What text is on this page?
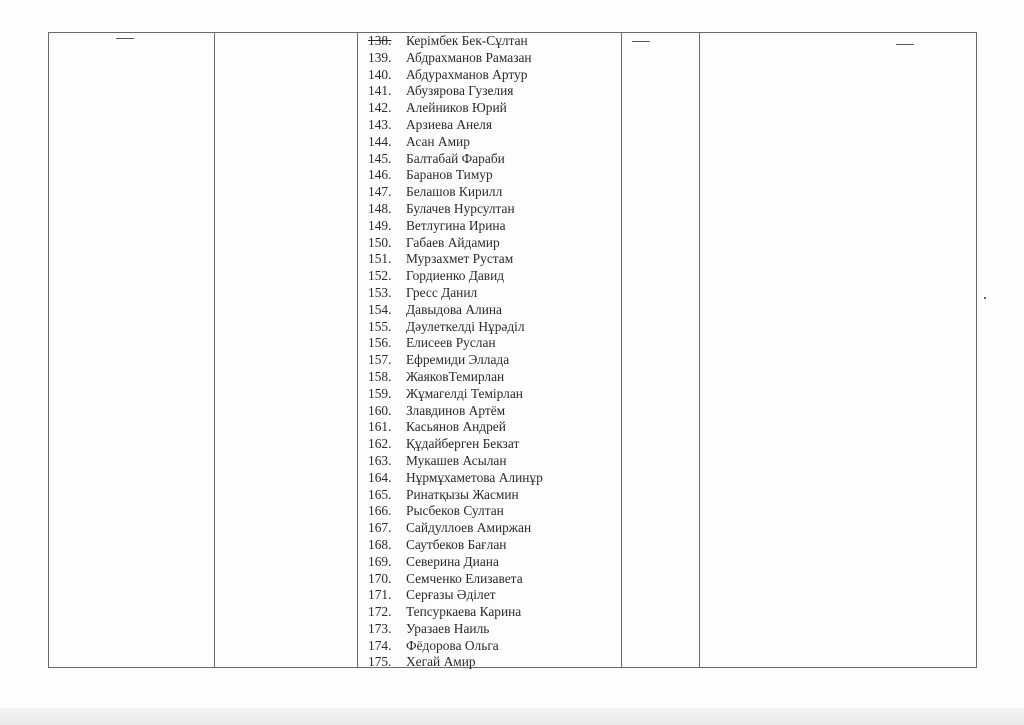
138. Керімбек Бек-Сұлтан
139. Абдрахманов Рамазан
140. Абдурахманов Артур
141. Абузярова Гузелия
142. Алейников Юрий
143. Арзиева Анеля
144. Асан Амир
145. Балтабай Фараби
146. Баранов Тимур
147. Белашов Кирилл
148. Булачев Нурсултан
149. Ветлугина Ирина
150. Габаев Айдамир
151. Мурзахмет Рустам
152. Гордиенко Давид
153. Гресс Данил
154. Давыдова Алина
155. Дәулеткелді Нұрәділ
156. Елисеев Руслан
157. Ефремиди Эллада
158. ЖаяковТемирлан
159. Жұмагелді Темірлан
160. Злавдинов Артём
161. Касьянов Андрей
162. Құдайберген Бекзат
163. Мукашев Асылан
164. Нұрмұхаметова Алинұр
165. Ринатқызы Жасмин
166. Рысбеков Султан
167. Сайдуллоев Амиржан
168. Саутбеков Бағлан
169. Северина Диана
170. Семченко Елизавета
171. Серғазы Әділет
172. Тепсуркаева Карина
173. Уразаев Наиль
174. Фёдорова Ольга
175. Хегай Амир
